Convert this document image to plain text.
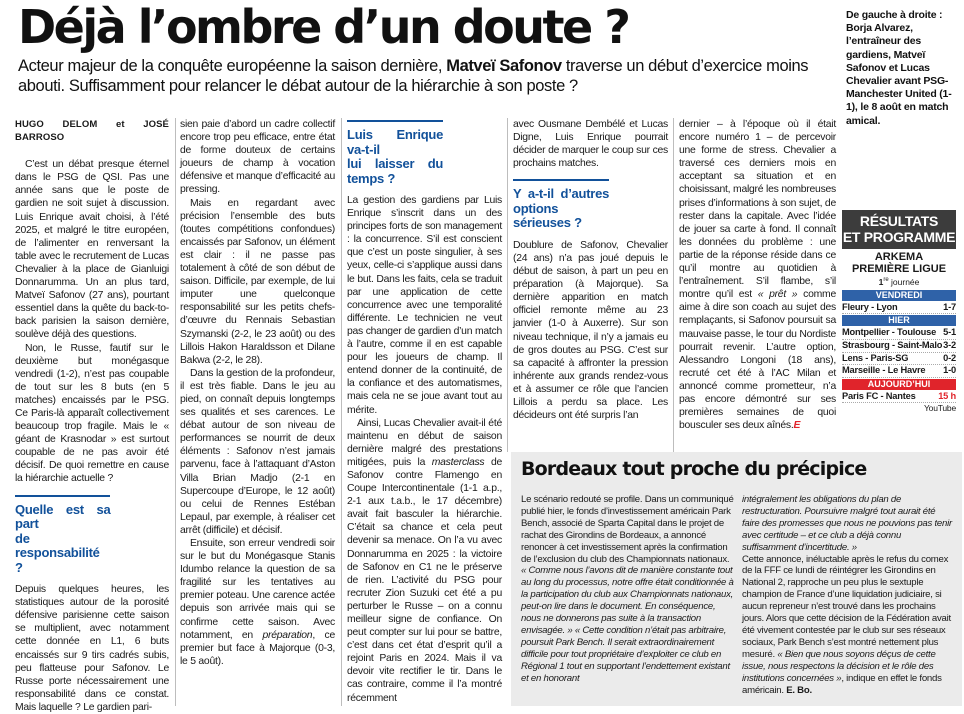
Déjà l’ombre d’un doute ?
Acteur majeur de la conquête européenne la saison dernière, Matveï Safonov traverse un début d’exercice moins abouti. Suffisamment pour relancer le débat autour de la hiérarchie à son poste ?
De gauche à droite : Borja Alvarez, l’entraîneur des gardiens, Matveï Safonov et Lucas Chevalier avant PSG-Manchester United (1-1), le 8 août en match amical.

HUGO DELOM et JOSÉ BARROSO

C’est un débat presque éternel dans le PSG de QSI. Pas une année sans que le poste de gardien ne soit sujet à discussion. Luis Enrique avait choisi, à l’été 2025, et malgré le titre européen, de l’alimenter en renversant la table avec le recrutement de Lucas Chevalier à la place de Gianluigi Donnarumma. Un an plus tard, Matveï Safonov (27 ans), pourtant essentiel dans la quête du back-to-back parisien la saison dernière, soulève déjà des questions.

Non, le Russe, fautif sur le deuxième but monégasque vendredi (1-2), n’est pas coupable de tout sur les 8 buts (en 5 matches) encaissés par le PSG. Ce Paris-là apparaît collectivement beaucoup trop fragile. Mais le « géant de Krasnodar » est surtout coupable de ne pas avoir été décisif. De quoi remettre en cause la hiérarchie actuelle ?

Quelle est sa part
de responsabilité ?

Depuis quelques heures, les statistiques autour de la porosité défensive parisienne cette saison se multiplient, avec notamment cette donnée en L1, 6 buts encaissés sur 9 tirs cadrés subis, peu flatteuse pour Safonov. Le Russe porte nécessairement une responsabilité dans ce constat. Mais laquelle ? Le gardien pari-

sien paie d’abord un cadre collectif encore trop peu efficace, entre état de forme douteux de certains joueurs de champ à vocation défensive et manque d’efficacité au pressing.

Mais en regardant avec précision l’ensemble des buts (toutes compétitions confondues) encaissés par Safonov, un élément est clair : il ne passe pas totalement à côté de son début de saison. Difficile, par exemple, de lui imputer une quelconque responsabilité sur les petits chefs-d’œuvre du Rennais Sebastian Szymanski (2-2, le 23 août) ou des Lillois Hakon Haraldsson et Dilane Bakwa (2-2, le 28).

Dans la gestion de la profondeur, il est très fiable. Dans le jeu au pied, on connaît depuis longtemps ses qualités et ses carences. Le débat autour de son niveau de performances se nourrit de deux éléments : Safonov n’est jamais parvenu, face à l’attaquant d’Aston Villa Brian Madjo (2-1 en Supercoupe d’Europe, le 12 août) ou celui de Rennes Estéban Lepaul, par exemple, à réaliser cet arrêt (difficile) et décisif.

Ensuite, son erreur vendredi soir sur le but du Monégasque Stanis Idumbo relance la question de sa fragilité sur les tentatives au premier poteau. Une carence actée depuis son arrivée mais qui se confirme cette saison. Avec notamment, en préparation, ce premier but face à Majorque (0-3, le 5 août).

Luis Enrique va-t-il
lui laisser du temps ?

La gestion des gardiens par Luis Enrique s’inscrit dans un des principes forts de son management : la concurrence. S’il est conscient que c’est un poste singulier, à ses yeux, celle-ci s’applique aussi dans le but. Dans les faits, cela se traduit par une application de cette concurrence avec une temporalité différente. Le technicien ne veut pas changer de gardien d’un match à l’autre, comme il en est capable pour les joueurs de champ. Il entend donner de la continuité, de la confiance et des automatismes, mais cela ne se joue avant tout au mérite.

Ainsi, Lucas Chevalier avait-il été maintenu en début de saison dernière malgré des prestations mitigées, puis la masterclass de Safonov contre Flamengo en Coupe Intercontinentale (1-1 a.p., 2-1 aux t.a.b., le 17 décembre) avait fait basculer la hiérarchie. C’était sa chance et cela peut devenir sa menace. On l’a vu avec Donnarumma en 2025 : la victoire de Safonov en C1 ne le préserve de rien. L’activité du PSG pour recruter Zion Suzuki cet été a pu perturber le Russe – on a connu meilleur signe de confiance. On peut compter sur lui pour se battre, c’est dans cet état d’esprit qu’il a rejoint Paris en 2024. Mais il va devoir vite rectifier le tir. Dans le cas contraire, comme il l’a montré récemment

avec Ousmane Dembélé et Lucas Digne, Luis Enrique pourrait décider de marquer le coup sur ces prochains matches.

Y a-t-il d’autres options
sérieuses ?

Doublure de Safonov, Chevalier (24 ans) n’a pas joué depuis le début de saison, à part un peu en préparation (à Majorque). Sa dernière apparition en match officiel remonte même au 23 janvier (1-0 à Auxerre). Sur son niveau technique, il n’y a jamais eu de gros doutes au PSG. C’est sur sa capacité à affronter la pression inhérente aux grands rendez-vous et à assumer ce rôle que l’ancien Lillois a perdu sa place. Les décideurs ont été surpris l’an

dernier – à l’époque où il était encore numéro 1 – de percevoir une forme de stress. Chevalier a traversé ces derniers mois en acceptant sa situation et en choisissant, malgré les nombreuses prises d’informations à son sujet, de rester dans la capitale. Avec l’idée de jouer sa carte à fond. Il connaît les données du problème : une partie de la réponse réside dans ce qu’il montre au quotidien à l’entraînement. S’il flambe, s’il montre qu’il est « prêt » comme aime à dire son coach au sujet des remplaçants, si Safonov poursuit sa mauvaise passe, le tour du Nordiste pourrait revenir. L’autre option, Alessandro Longoni (18 ans), recruté cet été à l’AC Milan et annoncé comme prometteur, n’a pas encore démontré sur ses premières semaines de quoi bousculer ses deux aînés.E

RÉSULTATS
ET PROGRAMME
ARKEMA
PREMIÈRE LIGUE
1re journée
VENDREDI
Fleury - Lyon	1-7
HIER
Montpellier - Toulouse 5-1
Strasbourg - Saint-Malo 3-2
Lens - Paris-SG	0-2
Marseille - Le Havre 1-0
AUJOURD’HUI
Paris FC - Nantes 15 h
YouTube
Bordeaux tout proche du précipice

Le scénario redouté se profile. Dans un communiqué publié hier, le fonds d’investissement américain Park Bench, associé de Sparta Capital dans le projet de rachat des Girondins de Bordeaux, a annoncé renoncer à cet investissement après la confirmation de l’exclusion du club des Championnats nationaux. « Comme nous l’avons dit de manière constante tout au long du processus, notre offre était conditionnée à la participation du club aux Championnats nationaux, peut-on lire dans le document. En conséquence, nous ne donnerons pas suite à la transaction envisagée. » « Cette condition n’était pas arbitraire, poursuit Park Bench. Il serait extraordinairement difficile pour tout propriétaire d’exploiter ce club en Régional 1 tout en supportant l’endettement existant et en honorant

intégralement les obligations du plan de restructuration. Poursuivre malgré tout aurait été faire des promesses que nous ne pouvions pas tenir avec certitude – et ce club a déjà connu suffisamment d’incertitude. »
Cette annonce, inéluctable après le refus du comex de la FFF ce lundi de réintégrer les Girondins en National 2, rapproche un peu plus le sextuple champion de France d’une liquidation judiciaire, si aucun repreneur n’est trouvé dans les prochains jours. Alors que cette décision de la Fédération avait été vivement contestée par le club sur ses réseaux sociaux, Park Bench s’est montré nettement plus mesuré. « Bien que nous soyons déçus de cette issue, nous respectons la décision et le rôle des institutions concernées », indique en effet le fonds américain. E. Bo.
